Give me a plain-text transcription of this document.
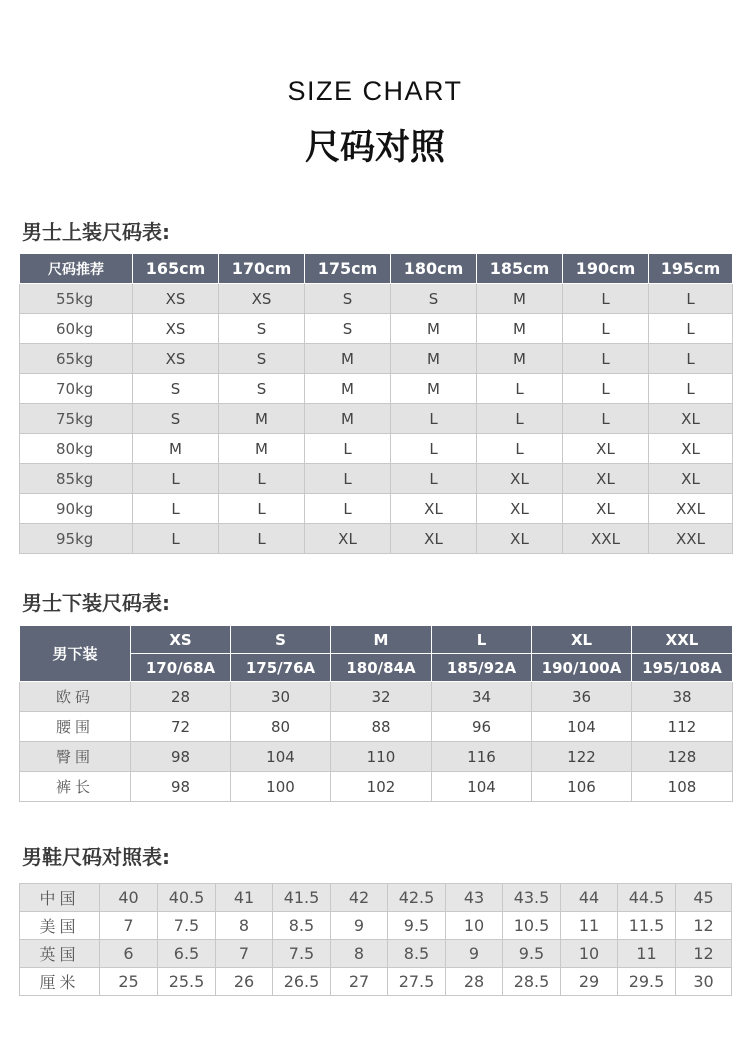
SIZE CHART
尺码对照
男士上装尺码表:
尺码推荐	165cm	170cm	175cm	180cm	185cm	190cm	195cm
55kg	XS	XS	S	S	M	L	L
60kg	XS	S	S	M	M	L	L
65kg	XS	S	M	M	M	L	L
70kg	S	S	M	M	L	L	L
75kg	S	M	M	L	L	L	XL
80kg	M	M	L	L	L	XL	XL
85kg	L	L	L	L	XL	XL	XL
90kg	L	L	L	XL	XL	XL	XXL
95kg	L	L	XL	XL	XL	XXL	XXL
男士下装尺码表:
男下装	XS	S	M	L	XL	XXL
	170/68A	175/76A	180/84A	185/92A	190/100A	195/108A
欧码	28	30	32	34	36	38
腰围	72	80	88	96	104	112
臀围	98	104	110	116	122	128
裤长	98	100	102	104	106	108
男鞋尺码对照表:
中国	40	40.5	41	41.5	42	42.5	43	43.5	44	44.5	45
美国	7	7.5	8	8.5	9	9.5	10	10.5	11	11.5	12
英国	6	6.5	7	7.5	8	8.5	9	9.5	10	11	12
厘米	25	25.5	26	26.5	27	27.5	28	28.5	29	29.5	30
